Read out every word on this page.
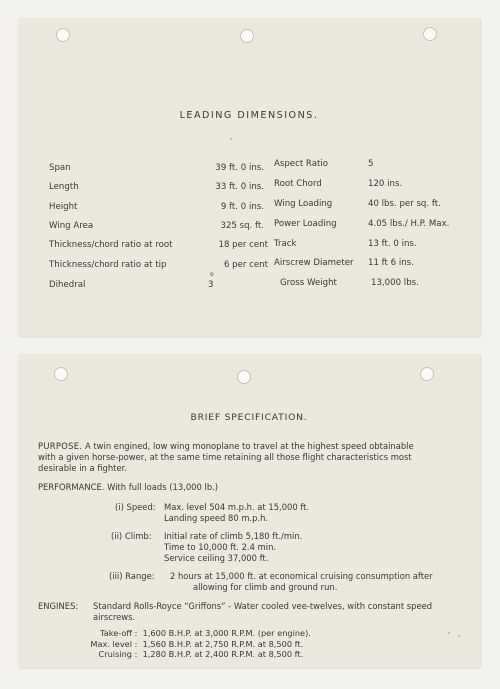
LEADING DIMENSIONS.
Span
Length
Height
Wing Area
Thickness/chord ratio at root
Thickness/chord ratio at tip
Dihedral
39 ft. 0 ins.
33 ft. 0 ins.
9 ft. 0 ins.
325 sq. ft.
18 per cent
6 per cent
3
o
Aspect Ratio
Root Chord
Wing Loading
Power Loading
Track
Airscrew Diameter
Gross Weight
5
120 ins.
40 lbs. per sq. ft.
4.05 lbs./ H.P. Max.
13 ft. 0 ins.
11 ft 6 ins.
13,000 lbs.
BRIEF SPECIFICATION.
PURPOSE. A twin engined, low wing monoplane to travel at the highest speed obtainable
with a given horse-power, at the same time retaining all those flight characteristics most
desirable in a fighter.
PERFORMANCE. With full loads (13,000 lb.)
(i) Speed: Max. level 504 m.p.h. at 15,000 ft.
Landing speed 80 m.p.h.
(ii) Climb: Initial rate of climb 5,180 ft./min.
Time to 10,000 ft. 2.4 min.
Service ceiling 37,000 ft.
(iii) Range: 2 hours at 15,000 ft. at economical cruising consumption after
allowing for climb and ground run.
ENGINES: Standard Rolls-Royce “Griffons” - Water cooled vee-twelves, with constant speed
airscrews.
Take-off : 1,600 B.H.P. at 3,000 R.P.M. (per engine).
Max. level : 1,560 B.H.P. at 2,750 R.P.M. at 8,500 ft.
Cruising : 1,280 B.H.P. at 2,400 R.P.M. at 8,500 ft.
